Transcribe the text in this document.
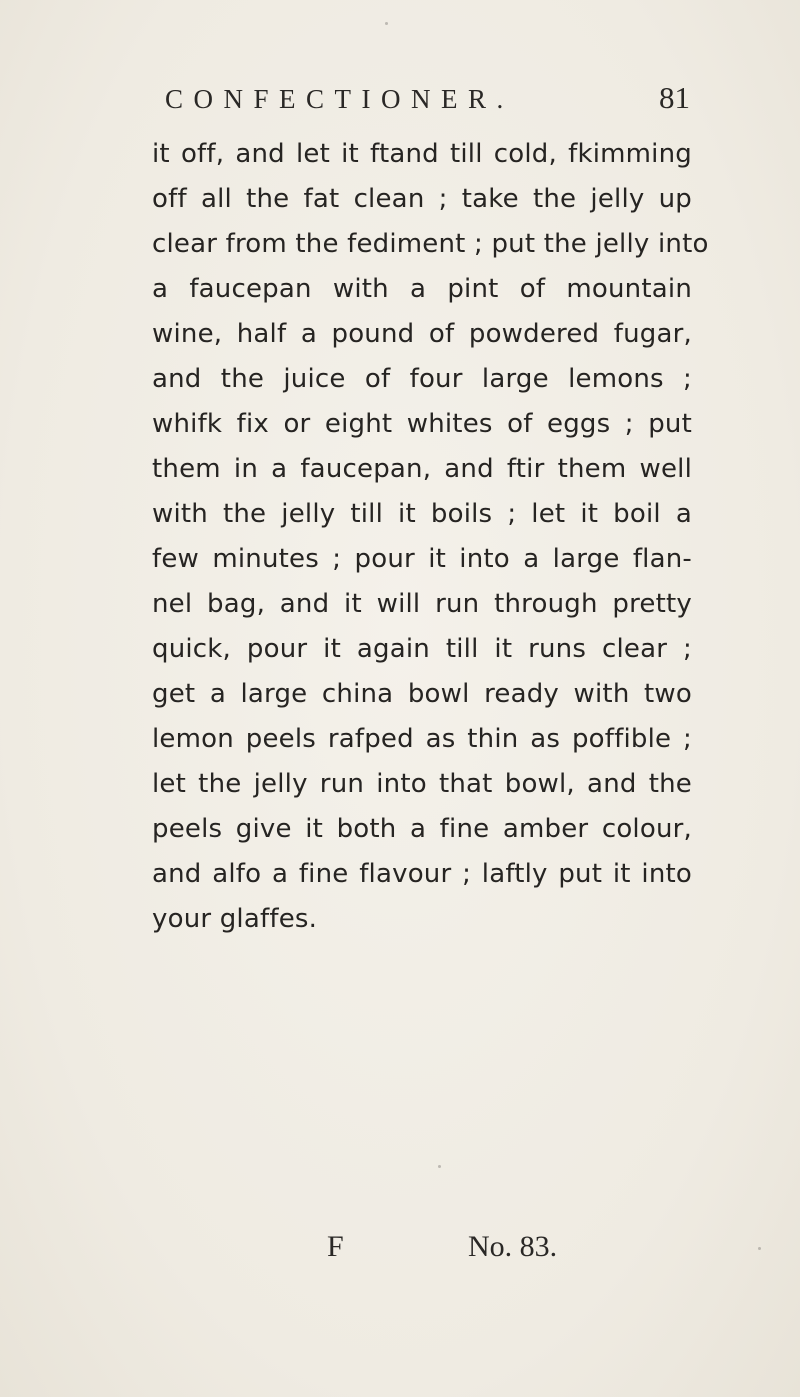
CONFECTIONER.	81
it off, and let it ftand till cold, fkimming
off all the fat clean ; take the jelly up
clear from the fediment ; put the jelly into
a faucepan with a pint of mountain
wine, half a pound of powdered fugar,
and the juice of four large lemons ;
whifk fix or eight whites of eggs ; put
them in a faucepan, and ftir them well
with the jelly till it boils ; let it boil a
few minutes ; pour it into a large flan-
nel bag, and it will run through pretty
quick, pour it again till it runs clear ;
get a large china bowl ready with two
lemon peels rafped as thin as poffible ;
let the jelly run into that bowl, and the
peels give it both a fine amber colour,
and alfo a fine flavour ; laftly put it into
your glaffes.
F	No. 83.
